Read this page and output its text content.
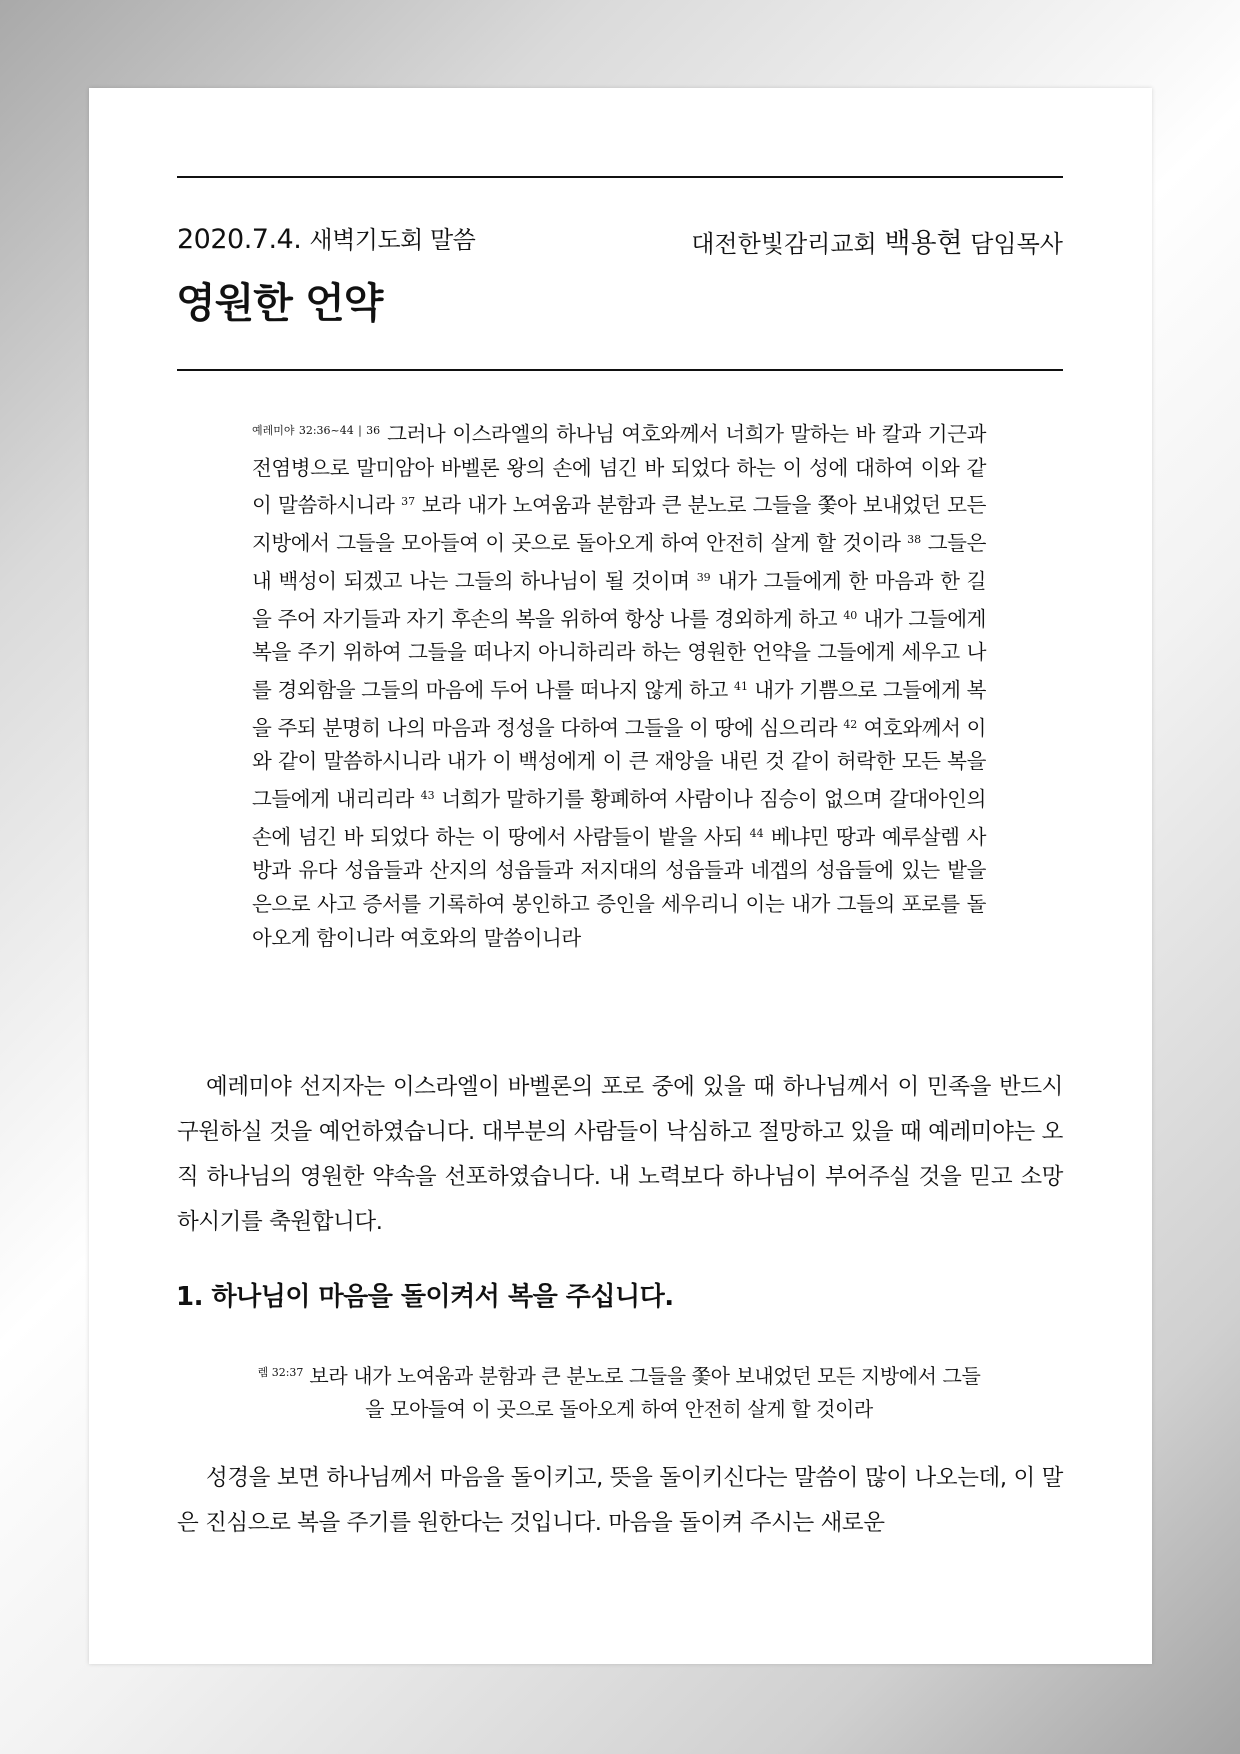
2020.7.4. 새벽기도회 말씀	대전한빛감리교회 백용현 담임목사
영원한 언약
$^{예레미야 32:36\sim 44 | 36}$ 그러나 이스라엘의 하나님 여호와께서 너희가 말하는 바 칼과 기근과 전염병으로 말미암아 바벨론 왕의 손에 넘긴 바 되었다 하는 이 성에 대하여 이와 같이 말씀하시니라 $^{37}$ 보라 내가 노여움과 분함과 큰 분노로 그들을 쫓아 보내었던 모든 지방에서 그들을 모아들여 이 곳으로 돌아오게 하여 안전히 살게 할 것이라 $^{38}$ 그들은 내 백성이 되겠고 나는 그들의 하나님이 될 것이며 $^{39}$ 내가 그들에게 한 마음과 한 길을 주어 자기들과 자기 후손의 복을 위하여 항상 나를 경외하게 하고 $^{40}$ 내가 그들에게 복을 주기 위하여 그들을 떠나지 아니하리라 하는 영원한 언약을 그들에게 세우고 나를 경외함을 그들의 마음에 두어 나를 떠나지 않게 하고 $^{41}$ 내가 기쁨으로 그들에게 복을 주되 분명히 나의 마음과 정성을 다하여 그들을 이 땅에 심으리라 $^{42}$ 여호와께서 이와 같이 말씀하시니라 내가 이 백성에게 이 큰 재앙을 내린 것 같이 허락한 모든 복을 그들에게 내리리라 $^{43}$ 너희가 말하기를 황폐하여 사람이나 짐승이 없으며 갈대아인의 손에 넘긴 바 되었다 하는 이 땅에서 사람들이 밭을 사되 $^{44}$ 베냐민 땅과 예루살렘 사방과 유다 성읍들과 산지의 성읍들과 저지대의 성읍들과 네겝의 성읍들에 있는 밭을 은으로 사고 증서를 기록하여 봉인하고 증인을 세우리니 이는 내가 그들의 포로를 돌아오게 함이니라 여호와의 말씀이니라

예레미야 선지자는 이스라엘이 바벨론의 포로 중에 있을 때 하나님께서 이 민족을 반드시 구원하실 것을 예언하였습니다. 대부분의 사람들이 낙심하고 절망하고 있을 때 예레미야는 오직 하나님의 영원한 약속을 선포하였습니다. 내 노력보다 하나님이 부어주실 것을 믿고 소망하시기를 축원합니다.

1. 하나님이 마음을 돌이켜서 복을 주십니다.
$^{렘 32:37}$ 보라 내가 노여움과 분함과 큰 분노로 그들을 쫓아 보내었던 모든 지방에서 그들을 모아들여 이 곳으로 돌아오게 하여 안전히 살게 할 것이라

성경을 보면 하나님께서 마음을 돌이키고, 뜻을 돌이키신다는 말씀이 많이 나오는데, 이 말은 진심으로 복을 주기를 원한다는 것입니다. 마음을 돌이켜 주시는 새로운
